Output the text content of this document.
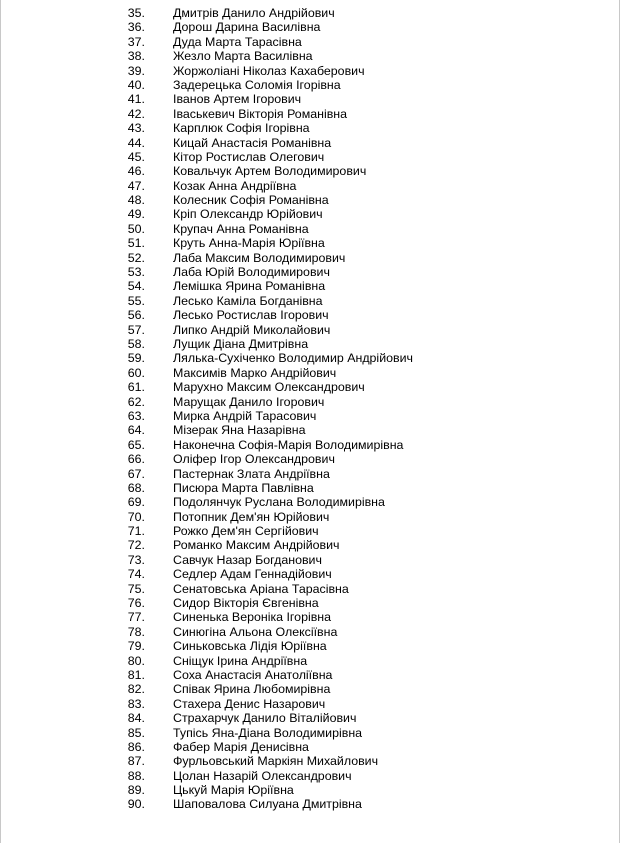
35. Дмитрів Данило Андрійович
36. Дорош Дарина Василівна
37. Дуда Марта Тарасівна
38. Жезло Марта Василівна
39. Жоржоліані Ніколаз Кахаберович
40. Задерецька Соломія Ігорівна
41. Іванов Артем Ігорович
42. Іваськевич Вікторія Романівна
43. Карплюк Софія Ігорівна
44. Кицай Анастасія Романівна
45. Кітор Ростислав Олегович
46. Ковальчук Артем Володимирович
47. Козак Анна Андріївна
48. Колесник Софія Романівна
49. Кріп Олександр Юрійович
50. Крупач Анна Романівна
51. Круть Анна-Марія Юріївна
52. Лаба Максим Володимирович
53. Лаба Юрій Володимирович
54. Лемішка Ярина Романівна
55. Лесько Каміла Богданівна
56. Лесько Ростислав Ігорович
57. Липко Андрій Миколайович
58. Лущик Діана Дмитрівна
59. Лялька-Сухіченко Володимир Андрійович
60. Максимів Марко Андрійович
61. Марухно Максим Олександрович
62. Марущак Данило Ігорович
63. Мирка Андрій Тарасович
64. Мізерак Яна Назарівна
65. Наконечна Софія-Марія Володимирівна
66. Оліфер Ігор Олександрович
67. Пастернак Злата Андріївна
68. Писюра Марта Павлівна
69. Подолянчук Руслана Володимирівна
70. Потопник Дем'ян Юрійович
71. Рожко Дем'ян Сергійович
72. Романко Максим Андрійович
73. Савчук Назар Богданович
74. Седлер Адам Геннадійович
75. Сенатовська Аріана Тарасівна
76. Сидор Вікторія Євгенівна
77. Синенька Вероніка Ігорівна
78. Синюгіна Альона Олексіївна
79. Синьковська Лідія Юріївна
80. Сніщук Ірина Андріївна
81. Соха Анастасія Анатоліївна
82. Співак Ярина Любомирівна
83. Стахера Денис Назарович
84. Страхарчук Данило Віталійович
85. Тупісь Яна-Діана Володимирівна
86. Фабер Марія Денисівна
87. Фурльовський Маркіян Михайлович
88. Цолан Назарій Олександрович
89. Цькуй Марія Юріївна
90. Шаповалова Силуана Дмитрівна
